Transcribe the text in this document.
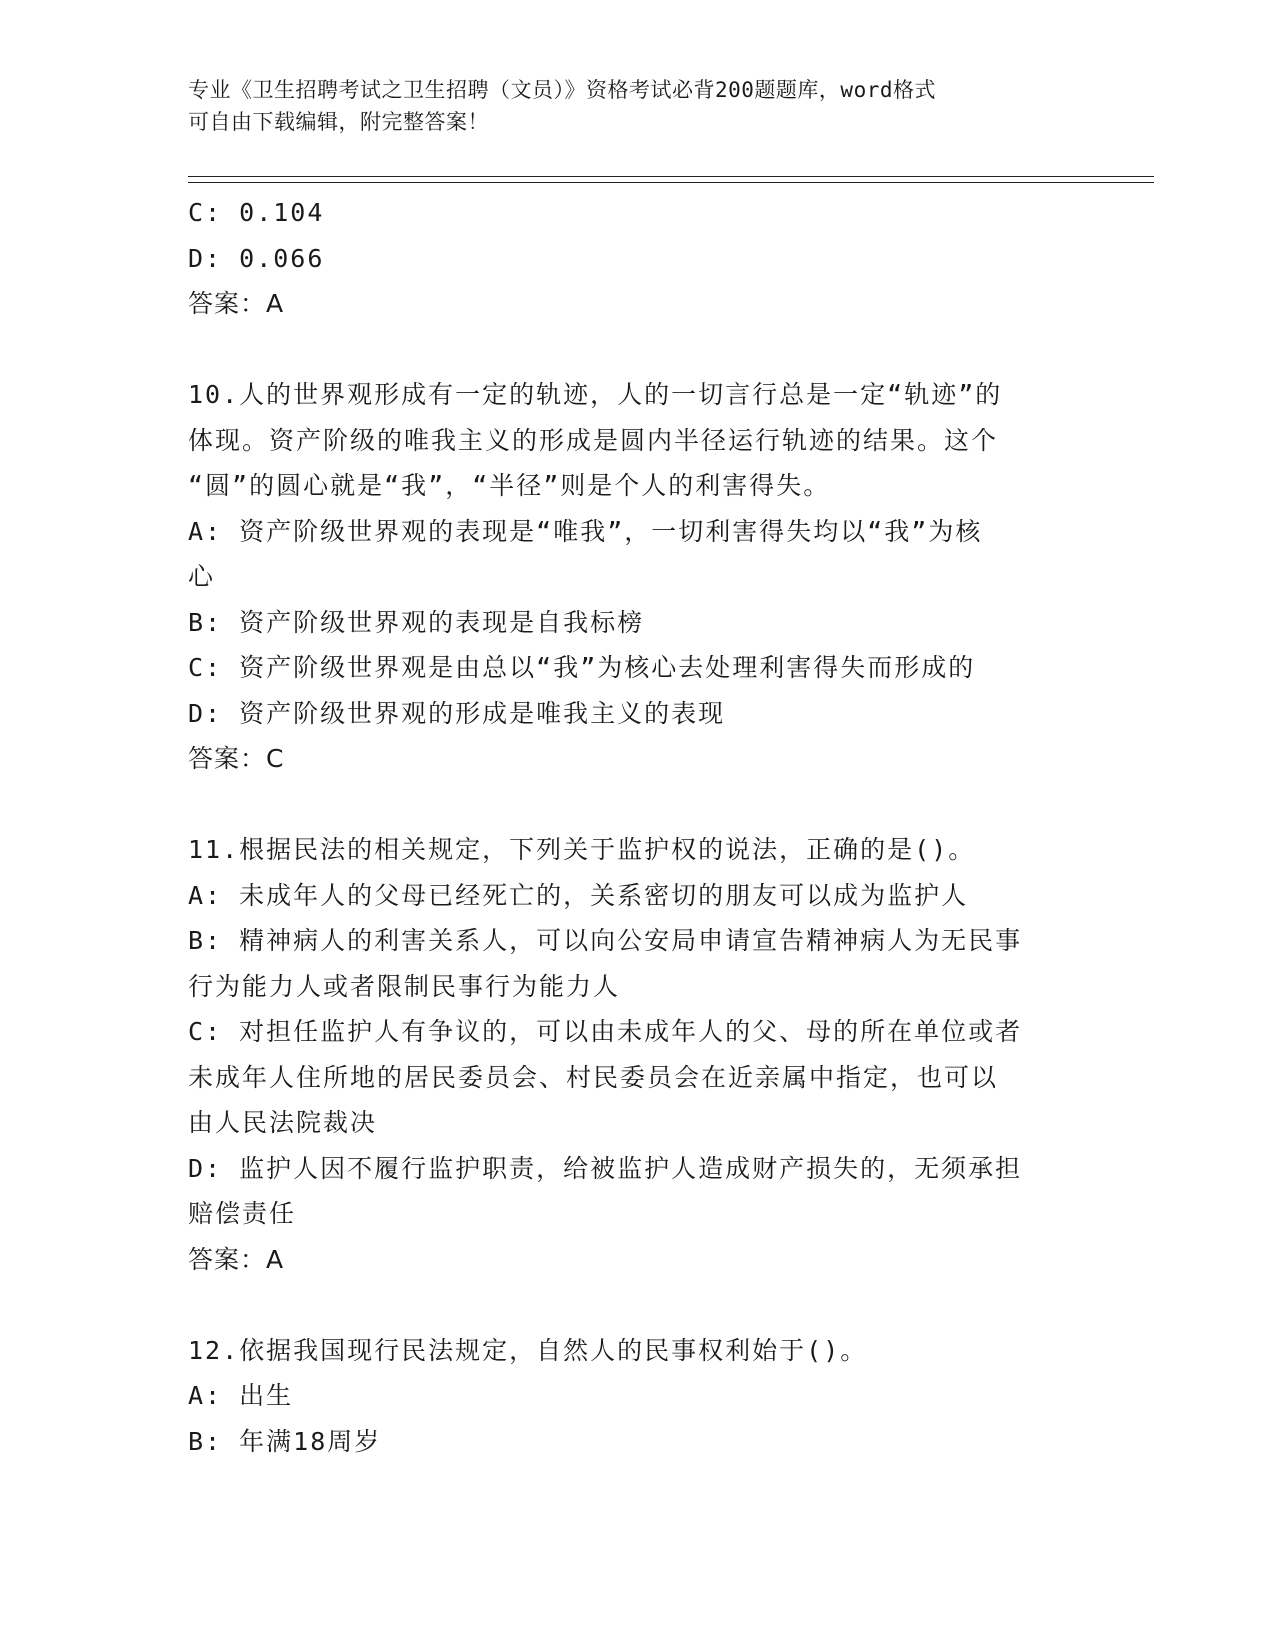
专业《卫生招聘考试之卫生招聘（文员）》资格考试必背200题题库，word格式
可自由下载编辑，附完整答案！
C: 0.104
D: 0.066
答案：A
10.人的世界观形成有一定的轨迹，人的一切言行总是一定“轨迹”的
体现。资产阶级的唯我主义的形成是圆内半径运行轨迹的结果。这个
“圆”的圆心就是“我”，“半径”则是个人的利害得失。
A: 资产阶级世界观的表现是“唯我”，一切利害得失均以“我”为核
心
B: 资产阶级世界观的表现是自我标榜
C: 资产阶级世界观是由总以“我”为核心去处理利害得失而形成的
D: 资产阶级世界观的形成是唯我主义的表现
答案：C
11.根据民法的相关规定，下列关于监护权的说法，正确的是()。
A: 未成年人的父母已经死亡的，关系密切的朋友可以成为监护人
B: 精神病人的利害关系人，可以向公安局申请宣告精神病人为无民事
行为能力人或者限制民事行为能力人
C: 对担任监护人有争议的，可以由未成年人的父、母的所在单位或者
未成年人住所地的居民委员会、村民委员会在近亲属中指定，也可以
由人民法院裁决
D: 监护人因不履行监护职责，给被监护人造成财产损失的，无须承担
赔偿责任
答案：A
12.依据我国现行民法规定，自然人的民事权利始于()。
A: 出生
B: 年满18周岁
